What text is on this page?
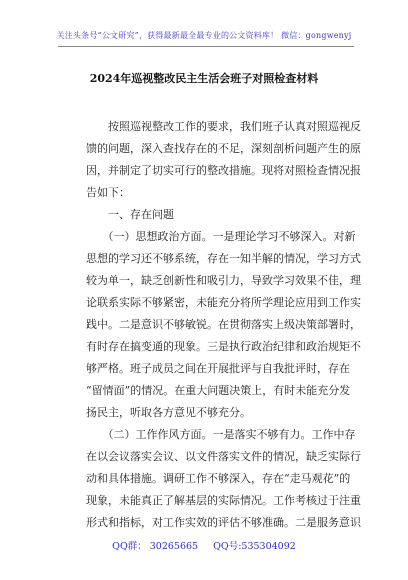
关注头条号“公文研究”，获得最新最全最专业的公文资料库！ 微信：gongwenyj
2024年巡视整改民主生活会班子对照检查材料
　　按照巡视整改工作的要求，我们班子认真对照巡视反
馈的问题，深入查找存在的不足，深刻剖析问题产生的原
因，并制定了切实可行的整改措施。现将对照检查情况报
告如下：
　　一、存在问题
　　（一）思想政治方面。一是理论学习不够深入。对新
思想的学习还不够系统，存在一知半解的情况，学习方式
较为单一，缺乏创新性和吸引力，导致学习效果不佳，理
论联系实际不够紧密，未能充分将所学理论应用到工作实
践中。二是意识不够敏锐。在贯彻落实上级决策部署时，
有时存在搞变通的现象。三是执行政治纪律和政治规矩不
够严格。班子成员之间在开展批评与自我批评时，存在
“留情面”的情况。在重大问题决策上，有时未能充分发
扬民主，听取各方意见不够充分。
　　（二）工作作风方面。一是落实不够有力。工作中存
在以会议落实会议、以文件落实文件的情况，缺乏实际行
动和具体措施。调研工作不够深入，存在“走马观花”的
现象，未能真正了解基层的实际情况。工作考核过于注重
形式和指标，对工作实效的评估不够准确。二是服务意识
QQ群： 30265665 QQ号:535304092
